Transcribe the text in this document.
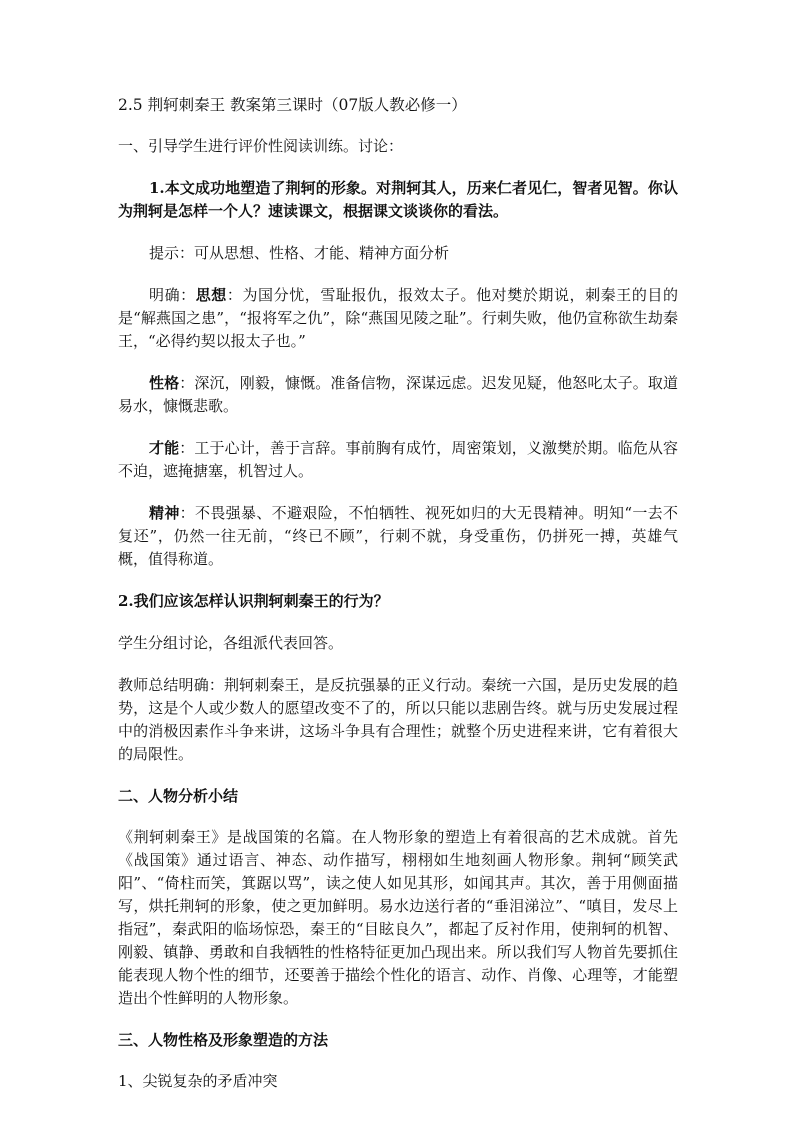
2.5 荆轲刺秦王 教案第三课时（07版人教必修一）

一、引导学生进行评价性阅读训练。讨论：

1.本文成功地塑造了荆轲的形象。对荆轲其人，历来仁者见仁，智者见智。你认为荆轲是怎样一个人？速读课文，根据课文谈谈你的看法。

提示：可从思想、性格、才能、精神方面分析

明确：思想：为国分忧，雪耻报仇，报效太子。他对樊於期说，刺秦王的目的是“解燕国之患”，“报将军之仇”，除“燕国见陵之耻”。行刺失败，他仍宣称欲生劫秦王，“必得约契以报太子也。”

性格：深沉，刚毅，慷慨。准备信物，深谋远虑。迟发见疑，他怒叱太子。取道易水，慷慨悲歌。

才能：工于心计，善于言辞。事前胸有成竹，周密策划，义激樊於期。临危从容不迫，遮掩搪塞，机智过人。

精神：不畏强暴、不避艰险，不怕牺牲、视死如归的大无畏精神。明知“一去不复还”，仍然一往无前，“终已不顾”，行刺不就，身受重伤，仍拼死一搏，英雄气概，值得称道。

2.我们应该怎样认识荆轲刺秦王的行为？

学生分组讨论，各组派代表回答。

教师总结明确：荆轲刺秦王，是反抗强暴的正义行动。秦统一六国，是历史发展的趋势，这是个人或少数人的愿望改变不了的，所以只能以悲剧告终。就与历史发展过程中的消极因素作斗争来讲，这场斗争具有合理性；就整个历史进程来讲，它有着很大的局限性。

二、人物分析小结

《荆轲刺秦王》是战国策的名篇。在人物形象的塑造上有着很高的艺术成就。首先《战国策》通过语言、神态、动作描写，栩栩如生地刻画人物形象。荆轲“顾笑武阳”、“倚柱而笑，箕踞以骂”，读之使人如见其形，如闻其声。其次，善于用侧面描写，烘托荆轲的形象，使之更加鲜明。易水边送行者的“垂泪涕泣”、“嗔目，发尽上指冠”，秦武阳的临场惊恐，秦王的“目眩良久”，都起了反衬作用，使荆轲的机智、刚毅、镇静、勇敢和自我牺牲的性格特征更加凸现出来。所以我们写人物首先要抓住能表现人物个性的细节，还要善于描绘个性化的语言、动作、肖像、心理等，才能塑造出个性鲜明的人物形象。

三、人物性格及形象塑造的方法

1、尖锐复杂的矛盾冲突
